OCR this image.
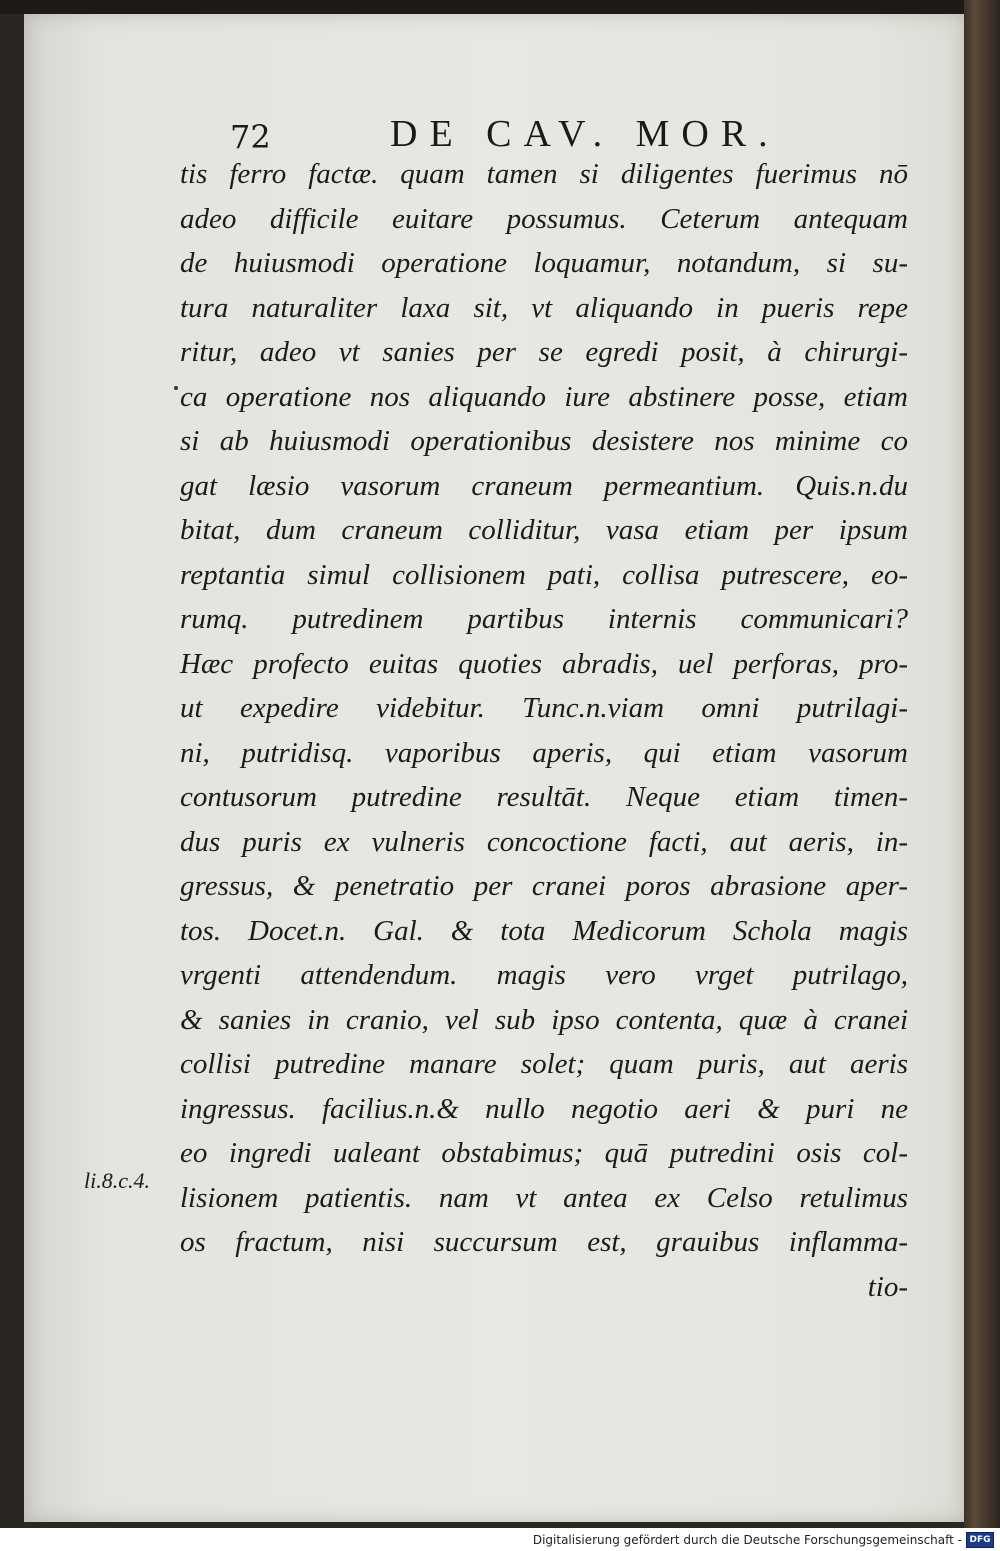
72	DE CAV. MOR.
tis ferro factæ. quam tamen si diligentes fuerimus nō
adeo difficile euitare possumus. Ceterum antequam
de huiusmodi operatione loquamur, notandum, si su-
tura naturaliter laxa sit, vt aliquando in pueris repe
ritur, adeo vt sanies per se egredi posit, à chirurgi-
ca operatione nos aliquando iure abstinere posse, etiam
si ab huiusmodi operationibus desistere nos minime co
gat læsio vasorum craneum permeantium. Quis.n.du
bitat, dum craneum colliditur, vasa etiam per ipsum
reptantia simul collisionem pati, collisa putrescere, eo-
rumq. putredinem partibus internis communicari?
Hæc profecto euitas quoties abradis, uel perforas, pro-
ut expedire videbitur. Tunc.n.viam omni putrilagi-
ni, putridisq. vaporibus aperis, qui etiam vasorum
contusorum putredine resultāt. Neque etiam timen-
dus puris ex vulneris concoctione facti, aut aeris, in-
gressus, & penetratio per cranei poros abrasione aper-
tos. Docet.n. Gal. & tota Medicorum Schola magis
vrgenti attendendum. magis vero vrget putrilago,
& sanies in cranio, vel sub ipso contenta, quæ à cranei
collisi putredine manare solet; quam puris, aut aeris
ingressus. facilius.n.& nullo negotio aeri & puri ne
eo ingredi ualeant obstabimus; quā putredini osis col-
lisionem patientis. nam vt antea ex Celso retulimus
os fractum, nisi succursum est, grauibus inflamma-
tio-
li.8.c.4.
Digitalisierung gefördert durch die Deutsche Forschungsgemeinschaft - DFG
